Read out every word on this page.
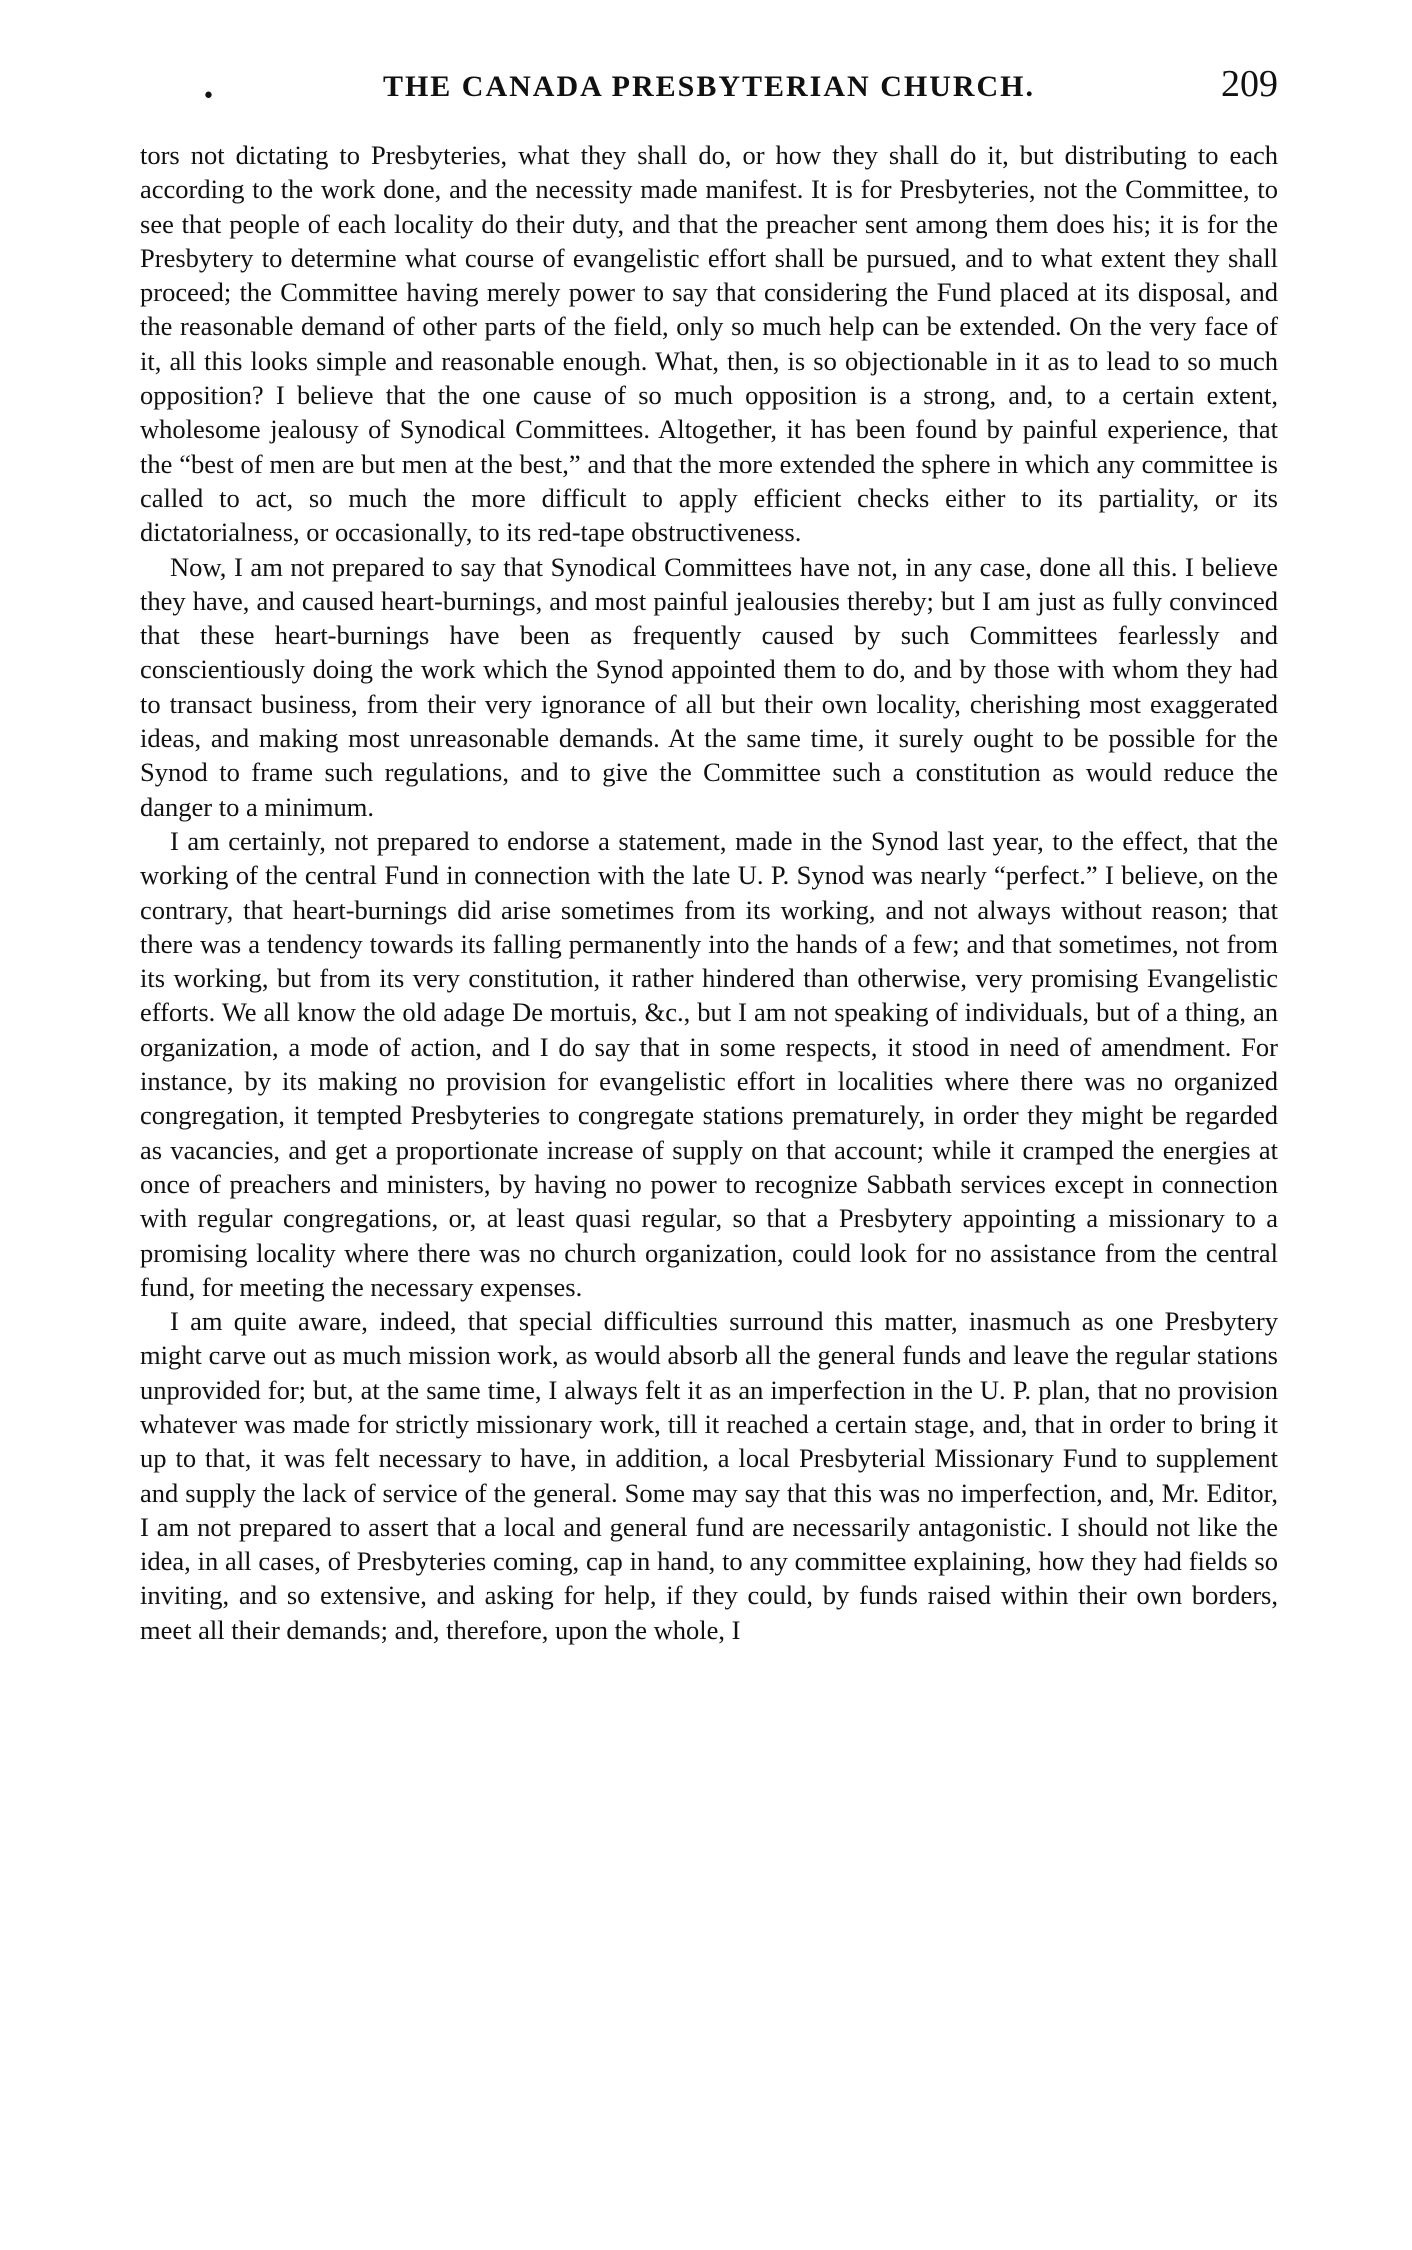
•	THE CANADA PRESBYTERIAN CHURCH.	209

tors not dictating to Presbyteries, what they shall do, or how they shall do it, but distributing to each according to the work done, and the necessity made manifest. It is for Presbyteries, not the Committee, to see that people of each locality do their duty, and that the preacher sent among them does his; it is for the Presbytery to determine what course of evangelistic effort shall be pursued, and to what extent they shall proceed; the Committee having merely power to say that considering the Fund placed at its disposal, and the reasonable demand of other parts of the field, only so much help can be extended. On the very face of it, all this looks simple and reasonable enough. What, then, is so objectionable in it as to lead to so much opposition? I believe that the one cause of so much opposition is a strong, and, to a certain extent, wholesome jealousy of Synodical Committees. Altogether, it has been found by painful experience, that the “best of men are but men at the best,” and that the more extended the sphere in which any committee is called to act, so much the more difficult to apply efficient checks either to its partiality, or its dictatorialness, or occasionally, to its red-tape obstructiveness.

Now, I am not prepared to say that Synodical Committees have not, in any case, done all this. I believe they have, and caused heart-burnings, and most painful jealousies thereby; but I am just as fully convinced that these heart-burnings have been as frequently caused by such Committees fearlessly and conscientiously doing the work which the Synod appointed them to do, and by those with whom they had to transact business, from their very ignorance of all but their own locality, cherishing most exaggerated ideas, and making most unreasonable demands. At the same time, it surely ought to be possible for the Synod to frame such regulations, and to give the Committee such a constitution as would reduce the danger to a minimum.

I am certainly, not prepared to endorse a statement, made in the Synod last year, to the effect, that the working of the central Fund in connection with the late U. P. Synod was nearly “perfect.” I believe, on the contrary, that heart-burnings did arise sometimes from its working, and not always without reason; that there was a tendency towards its falling permanently into the hands of a few; and that sometimes, not from its working, but from its very constitution, it rather hindered than otherwise, very promising Evangelistic efforts. We all know the old adage De mortuis, &c., but I am not speaking of individuals, but of a thing, an organization, a mode of action, and I do say that in some respects, it stood in need of amendment. For instance, by its making no provision for evangelistic effort in localities where there was no organized congregation, it tempted Presbyteries to congregate stations prematurely, in order they might be regarded as vacancies, and get a proportionate increase of supply on that account; while it cramped the energies at once of preachers and ministers, by having no power to recognize Sabbath services except in connection with regular congregations, or, at least quasi regular, so that a Presbytery appointing a missionary to a promising locality where there was no church organization, could look for no assistance from the central fund, for meeting the necessary expenses.

I am quite aware, indeed, that special difficulties surround this matter, inasmuch as one Presbytery might carve out as much mission work, as would absorb all the general funds and leave the regular stations unprovided for; but, at the same time, I always felt it as an imperfection in the U. P. plan, that no provision whatever was made for strictly missionary work, till it reached a certain stage, and, that in order to bring it up to that, it was felt necessary to have, in addition, a local Presbyterial Missionary Fund to supplement and supply the lack of service of the general. Some may say that this was no imperfection, and, Mr. Editor, I am not prepared to assert that a local and general fund are necessarily antagonistic. I should not like the idea, in all cases, of Presbyteries coming, cap in hand, to any committee explaining, how they had fields so inviting, and so extensive, and asking for help, if they could, by funds raised within their own borders, meet all their demands; and, therefore, upon the whole, I
